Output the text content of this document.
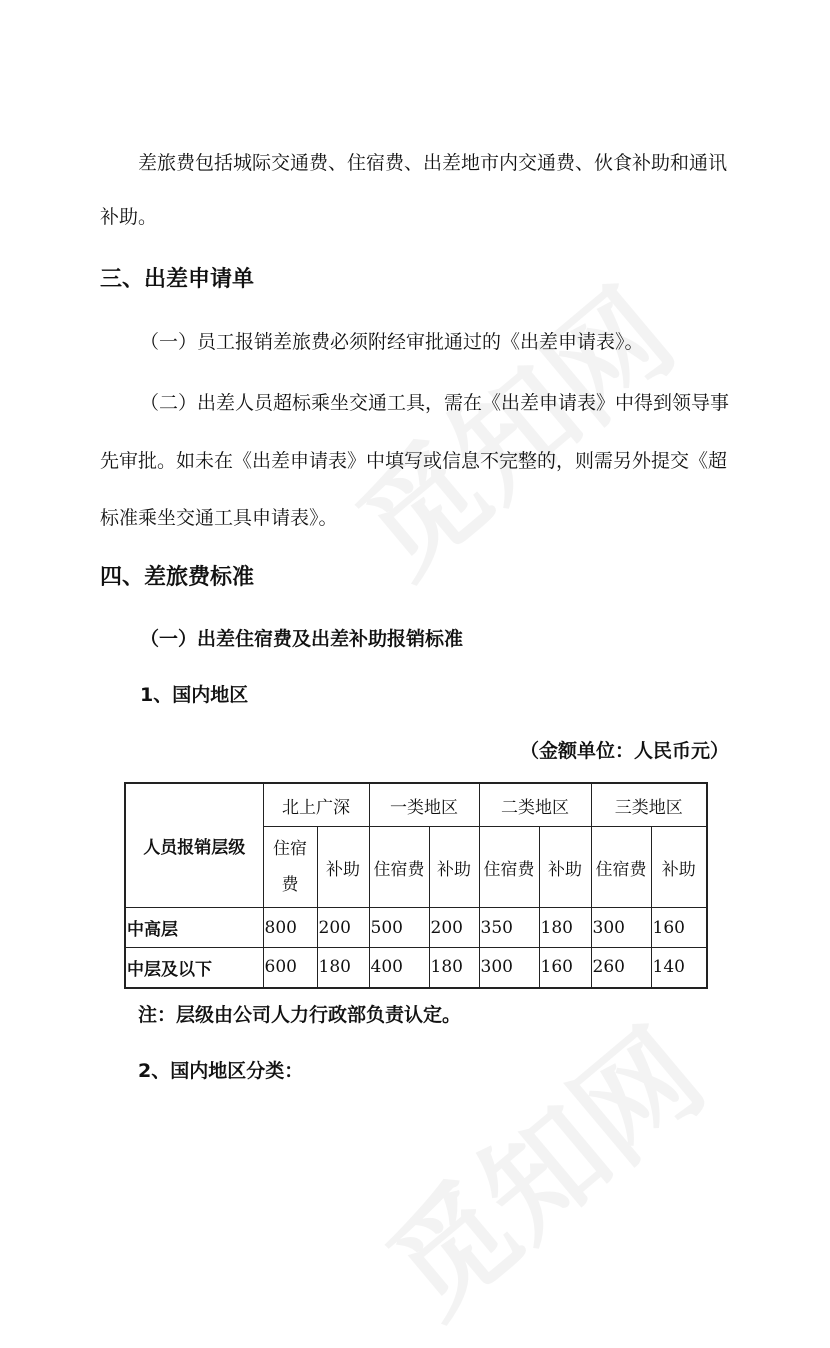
差旅费包括城际交通费、住宿费、出差地市内交通费、伙食补助和通讯

补助。

三、出差申请单

（一）员工报销差旅费必须附经审批通过的《出差申请表》。

（二）出差人员超标乘坐交通工具，需在《出差申请表》中得到领导事

先审批。如未在《出差申请表》中填写或信息不完整的，则需另外提交《超

标准乘坐交通工具申请表》。

四、差旅费标准

（一）出差住宿费及出差补助报销标准

1、国内地区

（金额单位：人民币元）

人员报销层级	北上广深		一类地区		二类地区		三类地区	

	住宿费	补助	住宿费	补助	住宿费	补助	住宿费	补助
中高层	800	200	500	200	350	180	300	160
中层及以下	600	180	400	180	300	160	260	140

注：层级由公司人力行政部负责认定。

2、国内地区分类：
